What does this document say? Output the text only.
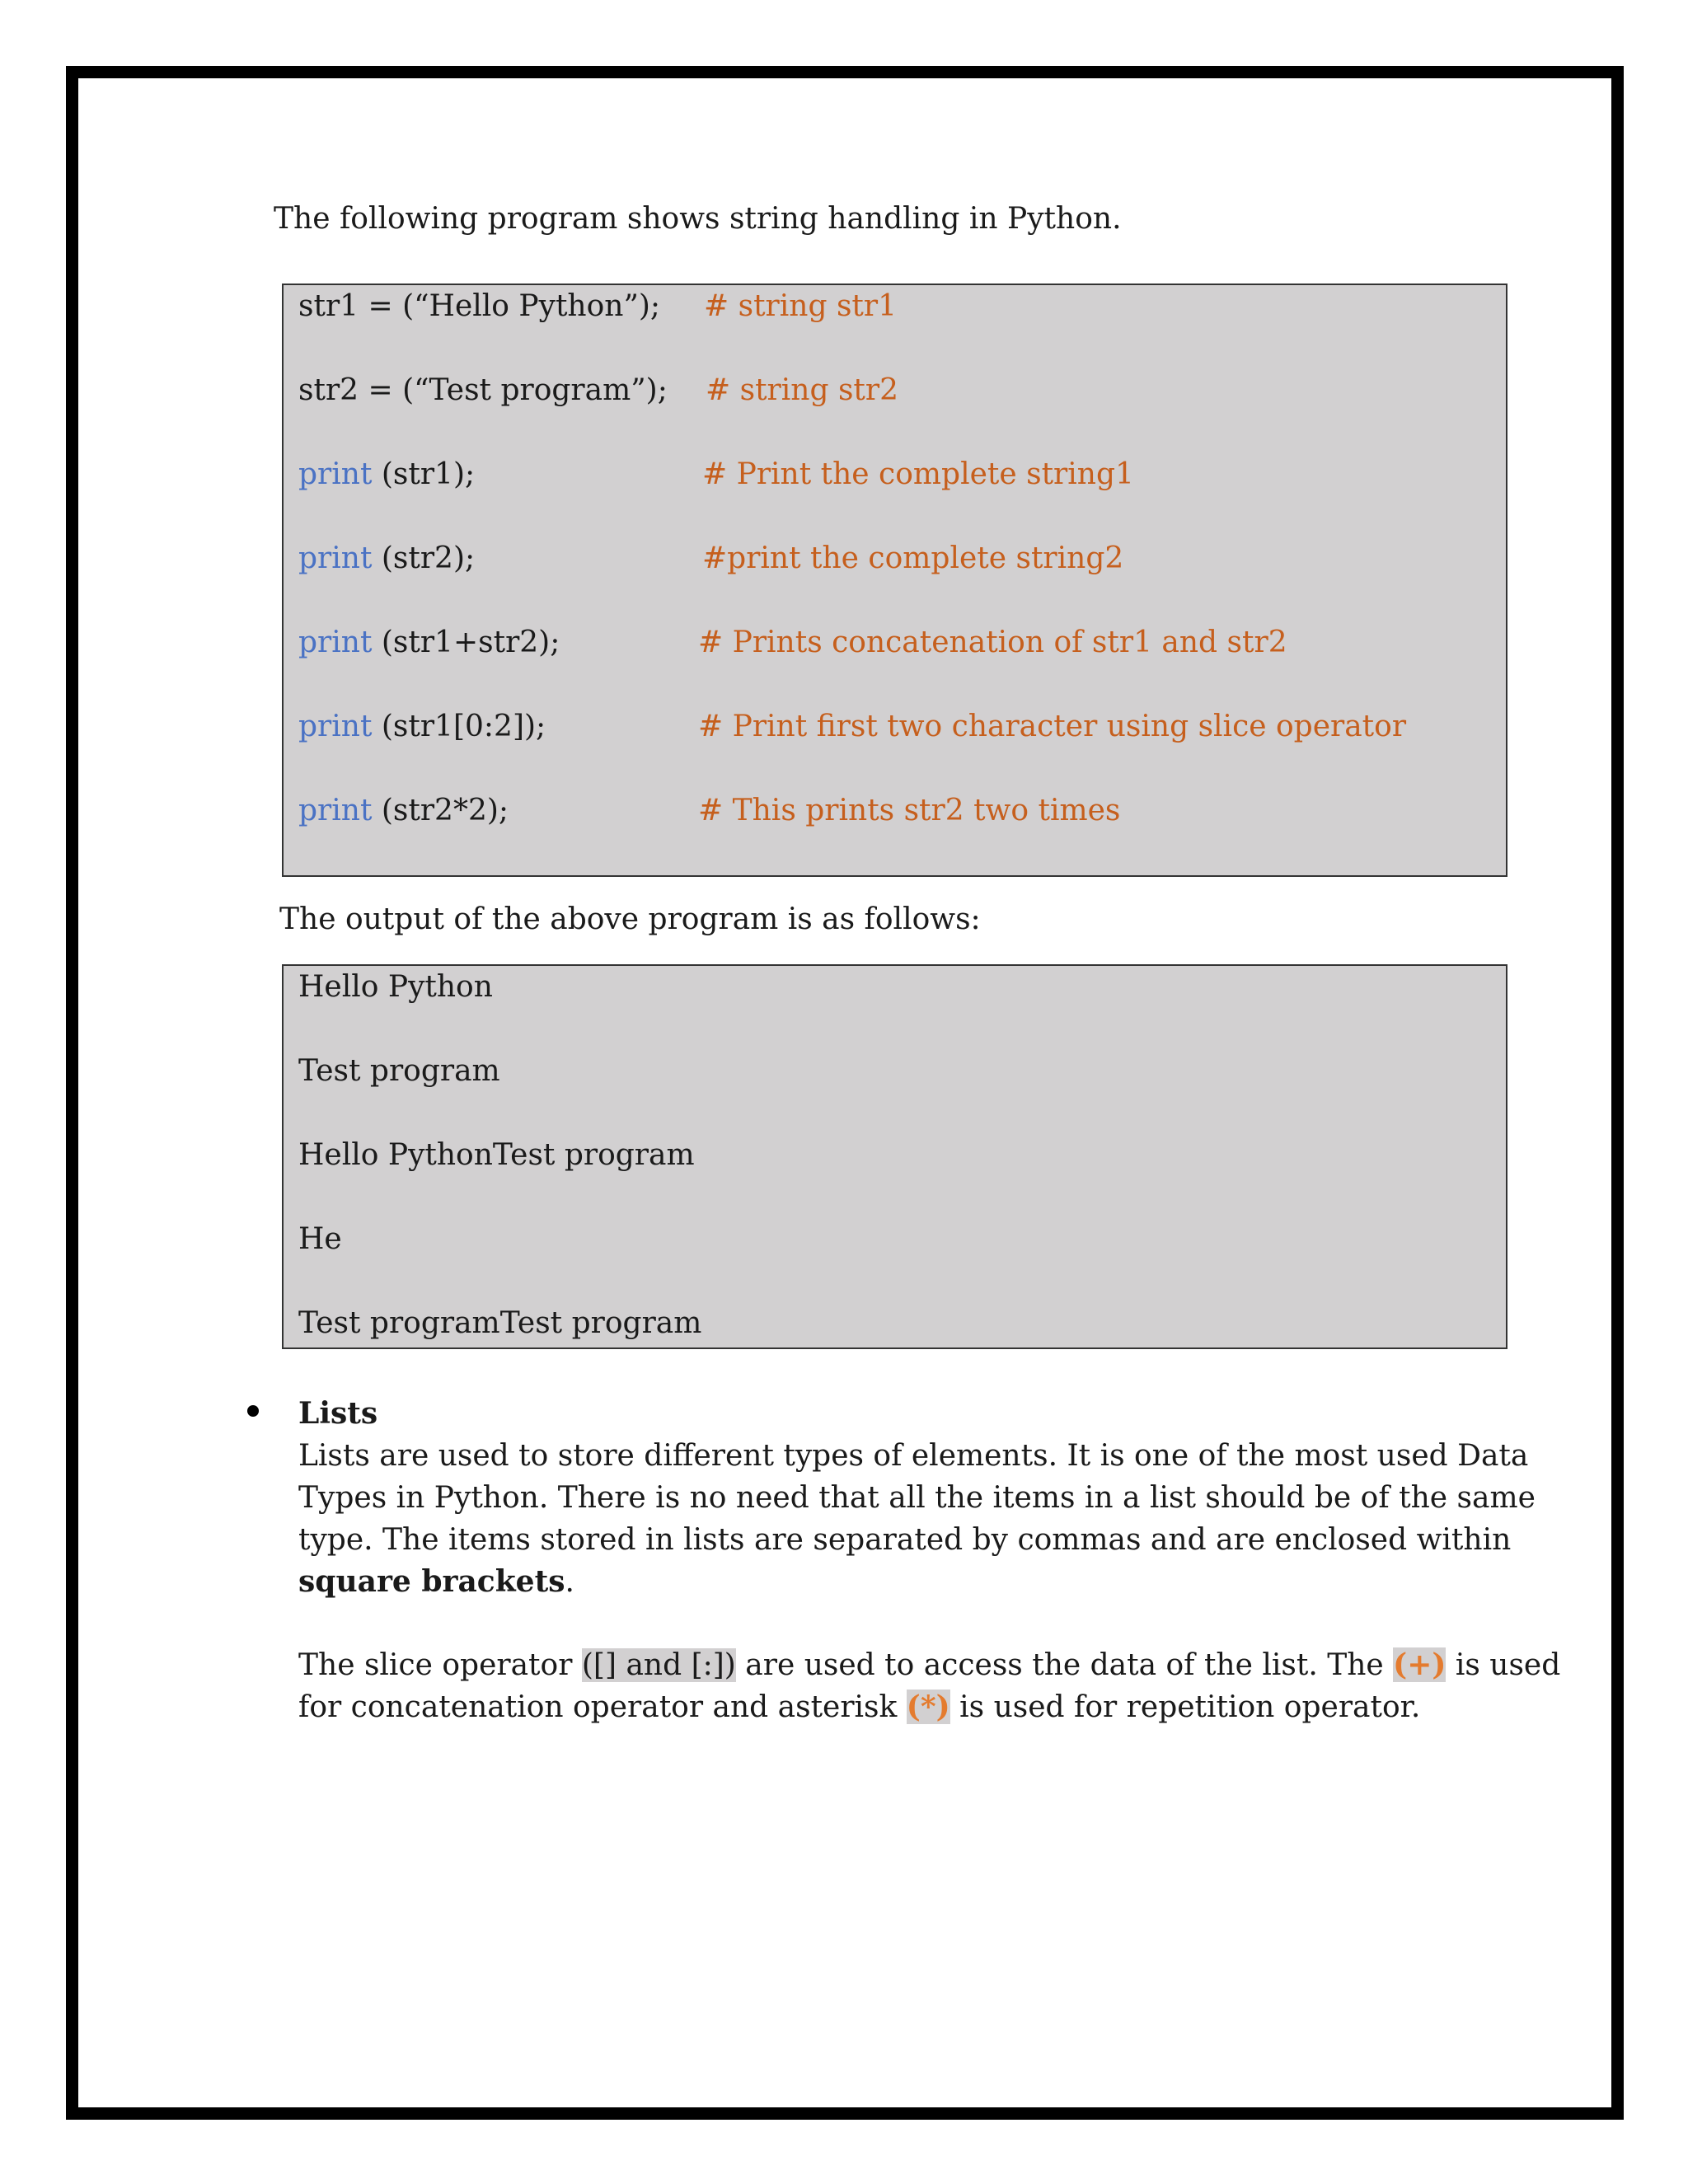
The following program shows string handling in Python.
str1 = (“Hello Python”); # string str1
str2 = (“Test program”); # string str2
print (str1);	# Print the complete string1
print (str2);	#print the complete string2
print (str1+str2);	# Prints concatenation of str1 and str2
print (str1[0:2]);	# Print first two character using slice operator
print (str2*2);	# This prints str2 two times
The output of the above program is as follows:
Hello Python
Test program
Hello PythonTest program
He
Test programTest program
Lists
Lists are used to store different types of elements. It is one of the most used Data
Types in Python. There is no need that all the items in a list should be of the same
type. The items stored in lists are separated by commas and are enclosed within
square brackets.
The slice operator ([] and [:]) are used to access the data of the list. The (+) is used
for concatenation operator and asterisk (*) is used for repetition operator.
